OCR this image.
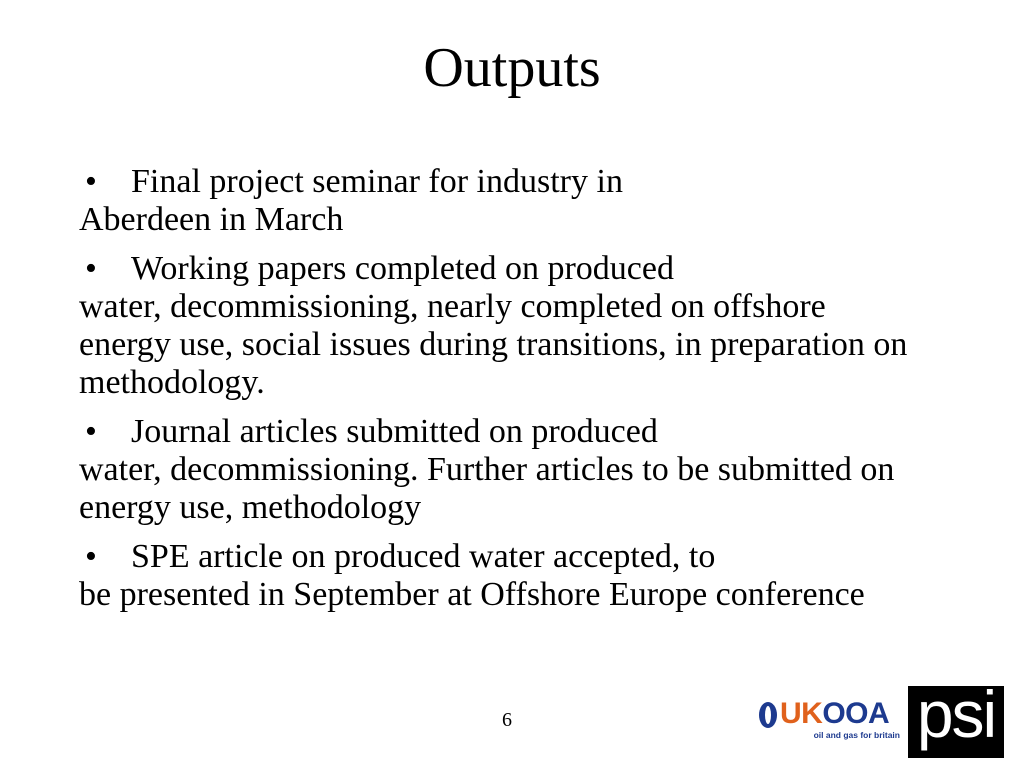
Outputs
• Final project seminar for industry in
Aberdeen in March
• Working papers completed on produced
water, decommissioning, nearly completed on offshore energy use, social issues during transitions, in preparation on methodology.
• Journal articles submitted on produced
water, decommissioning. Further articles to be submitted on energy use, methodology
• SPE article on produced water accepted, to
be presented in September at Offshore Europe conference
6	UKOOA
oil and gas for britain psi
